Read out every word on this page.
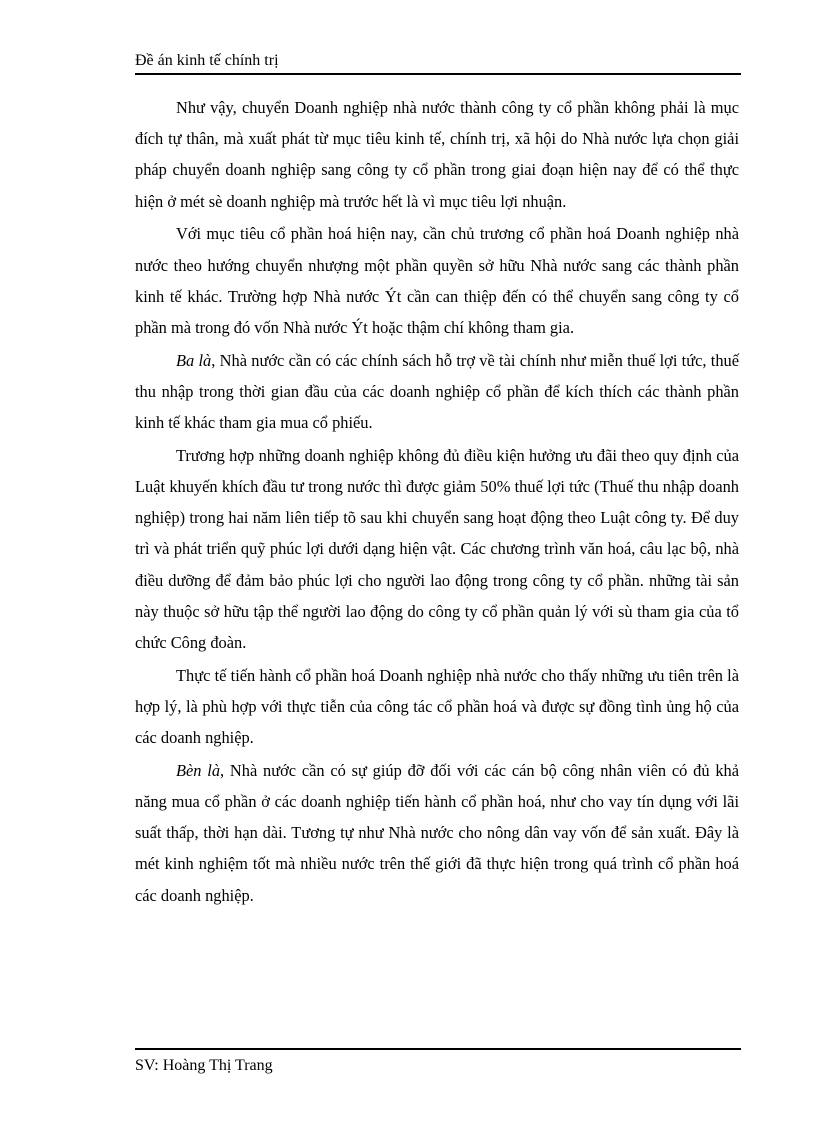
Đề án kinh tế chính trị

Như vậy, chuyển Doanh nghiệp nhà nước thành công ty cổ phần không phải là mục đích tự thân, mà xuất phát từ mục tiêu kinh tế, chính trị, xã hội do Nhà nước lựa chọn giải pháp chuyển doanh nghiệp sang công ty cổ phần trong giai đoạn hiện nay để có thể thực hiện ở mét sè doanh nghiệp mà trước hết là vì mục tiêu lợi nhuận.

Với mục tiêu cổ phần hoá hiện nay, cần chủ trương cổ phần hoá Doanh nghiệp nhà nước theo hướng chuyển nhượng một phần quyền sở hữu Nhà nước sang các thành phần kinh tế khác. Trường hợp Nhà nước Ýt cần can thiệp đến có thể chuyển sang công ty cổ phần mà trong đó vốn Nhà nước Ýt hoặc thậm chí không tham gia.

Ba là, Nhà nước cần có các chính sách hỗ trợ về tài chính như miễn thuế lợi tức, thuế thu nhập trong thời gian đầu của các doanh nghiệp cổ phần để kích thích các thành phần kinh tế khác tham gia mua cổ phiếu.

Trương hợp những doanh nghiệp không đủ điều kiện hưởng ưu đãi theo quy định của Luật khuyến khích đầu tư trong nước thì được giảm 50% thuế lợi tức (Thuế thu nhập doanh nghiệp) trong hai năm liên tiếp tõ sau khi chuyển sang hoạt động theo Luật công ty. Để duy trì và phát triển quỹ phúc lợi dưới dạng hiện vật. Các chương trình văn hoá, câu lạc bộ, nhà điều dưỡng để đảm bảo phúc lợi cho người lao động trong công ty cổ phần. những tài sản này thuộc sở hữu tập thể người lao động do công ty cổ phần quản lý với sù tham gia của tổ chức Công đoàn.

Thực tế tiến hành cổ phần hoá Doanh nghiệp nhà nước cho thấy những ưu tiên trên là hợp lý, là phù hợp với thực tiễn của công tác cổ phần hoá và được sự đồng tình ủng hộ của các doanh nghiệp.

Bèn là, Nhà nước cần có sự giúp đỡ đối với các cán bộ công nhân viên có đủ khả năng mua cổ phần ở các doanh nghiệp tiến hành cổ phần hoá, như cho vay tín dụng với lãi suất thấp, thời hạn dài. Tương tự như Nhà nước cho nông dân vay vốn để sản xuất. Đây là mét kinh nghiệm tốt mà nhiều nước trên thế giới đã thực hiện trong quá trình cổ phần hoá các doanh nghiệp.

SV: Hoàng Thị Trang
